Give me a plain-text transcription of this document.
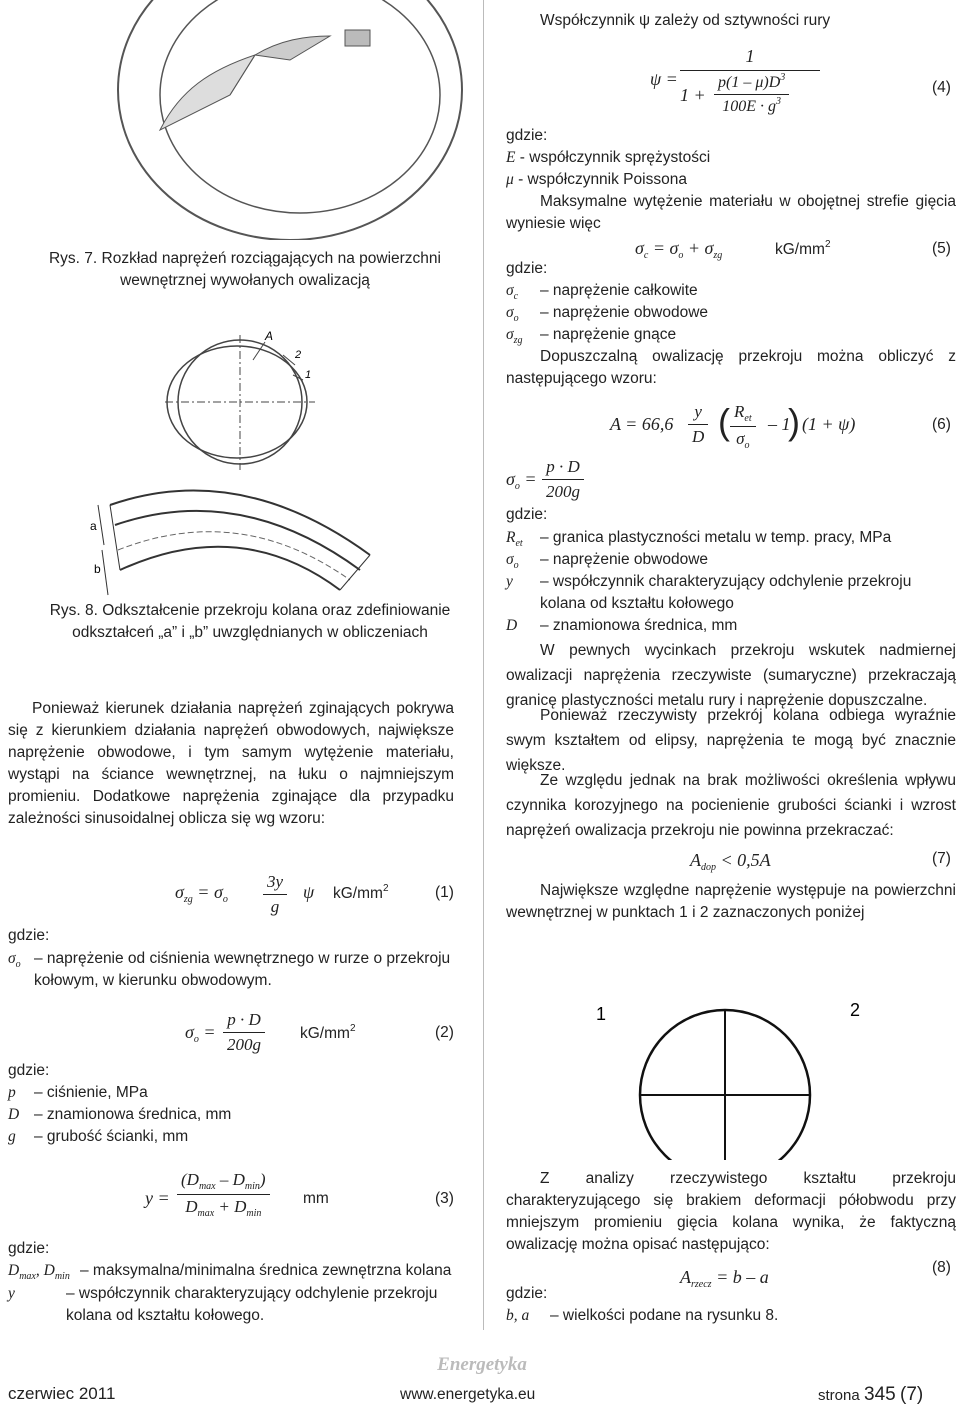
Rys. 7. Rozkład naprężeń rozciągających na powierzchni wewnętrznej wywołanych owalizacją
A
2
1
a
b
Rys. 8. Odkształcenie przekroju kolana oraz zdefiniowanie odkształceń „a” i „b” uwzględnianych w obliczeniach
Ponieważ kierunek działania naprężeń zginających pokrywa się z kierunkiem działania naprężeń obwodowych, największe naprężenie obwodowe, i tym samym wytężenie materiału, wystąpi na ściance wewnętrznej, na łuku o najmniejszym promieniu. Dodatkowe naprężenia zginające dla przypadku zależności sinusoidalnej oblicza się wg wzoru:
$\sigma_{zg} = \sigma_o \frac{3y}{g}$ ψ $kG/mm^2$	(1)
gdzie:
$\sigma_o$ – naprężenie od ciśnienia wewnętrznego w rurze o przekroju kołowym, w kierunku obwodowym.
$\sigma_o = \frac{p \cdot D}{200g} kG/mm^2$	(2)
gdzie:
p – ciśnienie, MPa
D – znamionowa średnica, mm
g – grubość ścianki, mm
y =
$(D_{max} - D_{min})$
$D_{max} + D_{min}$
mm	(3)
gdzie:
$D_{max}$, $D_{min}$ – maksymalna/minimalna średnica zewnętrzna kolana
y	– współczynnik charakteryzujący odchylenie przekroju kolana od kształtu kołowego.
Współczynnik ψ zależy od sztywności rury
ψ =
1
$1 + \frac{p(1 - \mu)D^3}{100E \cdot g^3}$	(4)
gdzie:
E - współczynnik sprężystości
μ - współczynnik Poissona
Maksymalne wytężenie materiału w obojętnej strefie gięcia wyniesie więc
$\sigma_c = \sigma_o + \sigma_{zg}$	$kG/mm^2$	(5)
gdzie:
$\sigma_c$ – naprężenie całkowite
$\sigma_o$ – naprężenie obwodowe
$\sigma_{zg}$ – naprężenie gnące
Dopuszczalną owalizację przekroju można obliczyć z następującego wzoru:
$A = 66,6 \frac{y}{D}$ ( $R_{et}$
$\sigma_o$
– 1
) (1 + ψ)	(6)
$\sigma_o = \frac{p \cdot D}{200g}$
gdzie:
$R_{et}$ – granica plastyczności metalu w temp. pracy, MPa
$\sigma_o$ – naprężenie obwodowe
y – współczynnik charakteryzujący odchylenie przekroju kolana od kształtu kołowego
D – znamionowa średnica, mm
W pewnych wycinkach przekroju wskutek nadmiernej owalizacji naprężenia rzeczywiste (sumaryczne) przekraczają granicę plastyczności metalu rury i naprężenie dopuszczalne.
Ponieważ rzeczywisty przekrój kolana odbiega wyraźnie swym kształtem od elipsy, naprężenia te mogą być znacznie większe.
Ze względu jednak na brak możliwości określenia wpływu czynnika korozyjnego na pocienienie grubości ścianki i wzrost naprężeń owalizacja przekroju nie powinna przekraczać:
$A_{dop} < 0,5A$	(7)
Największe względne naprężenie występuje na powierzchni wewnętrznej w punktach 1 i 2 zaznaczonych poniżej
1	2
Z analizy rzeczywistego kształtu przekroju charakteryzującego się brakiem deformacji półobwodu przy mniejszym promieniu gięcia kolana wynika, że faktyczną owalizację można opisać następująco:
$A_{rzecz} = b - a$	(8)
gdzie:
b, a – wielkości podane na rysunku 8.
Energetyka
czerwiec 2011	www.energetyka.eu	strona 345 (7)
